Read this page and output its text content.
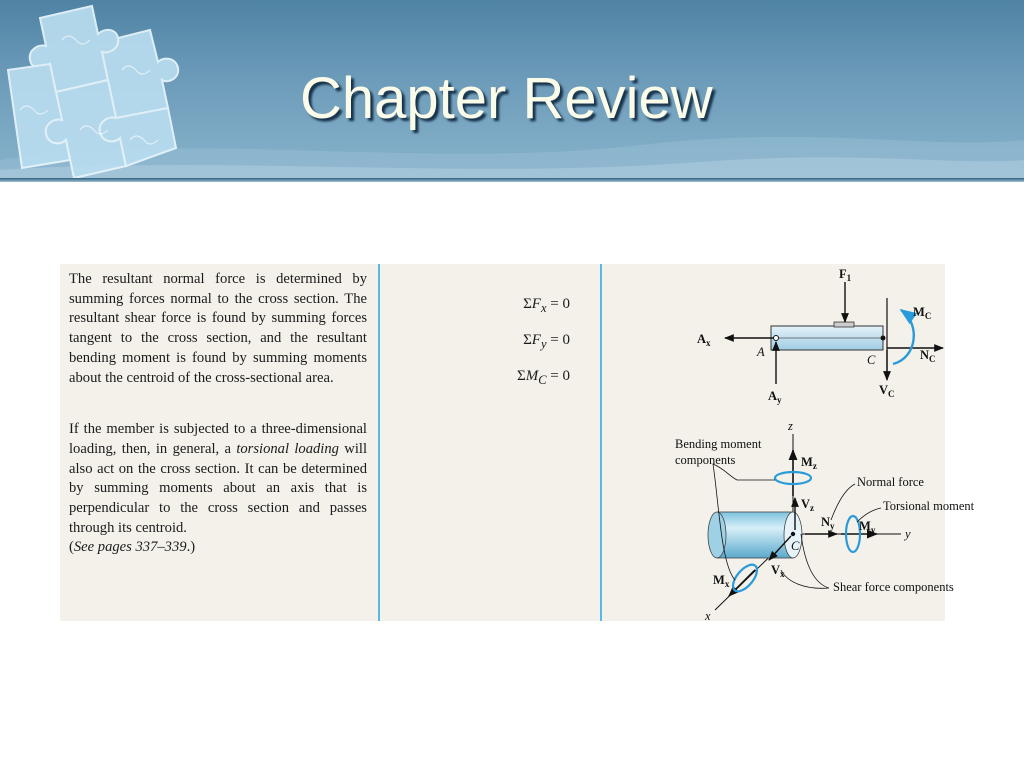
Chapter Review

The resultant normal force is determined by summing forces normal to the cross section. The resultant shear force is found by summing forces tangent to the cross section, and the resultant bending moment is found by summing moments about the centroid of the cross-sectional area.

If the member is subjected to a three-dimensional loading, then, in general, a torsional loading will also act on the cross section. It can be determined by summing moments about an axis that is perpendicular to the cross section and passes through its centroid.
(See pages 337–339.)

$\Sigma F_x = 0$
$\Sigma F_y = 0$
$\Sigma M_C = 0$
$F_1$
$A_x$
A
$A_y$
C	$N_C$
$V_C$
$M_C$
z
y
x
C
$M_z$
$V_z$
$N_y$ $M_y$
$V_x$
$M_x$
Bending moment
components
Normal force
Torsional moment
Shear force components
